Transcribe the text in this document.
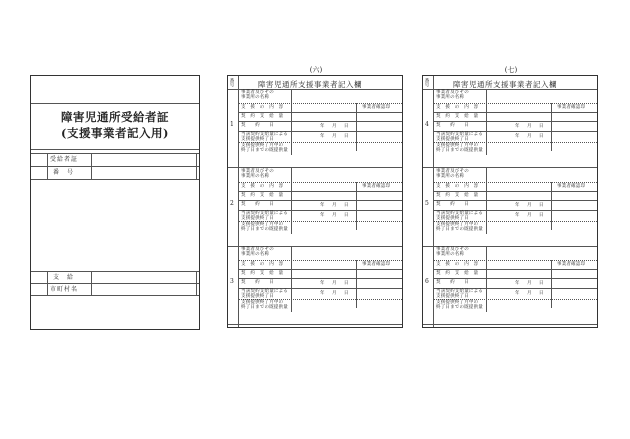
障害児通所受給者証
(支援事業者記入用)
受給者証
番　号
支　給
市町村名
(六)
番号	障害児通所支援事業者記入欄
1
事業者及びその
事業所の名称
支　援　の　内　容	事業者確認印
契　約　支　給　量
契　　約　　日	年 月 日
当該契約支給量による
支援提供終了日
年 月 日
支援提供終了月中の
終了日までの既提供量
2
事業者及びその
事業所の名称
支　援　の　内　容	事業者確認印
契　約　支　給　量
契　　約　　日	年 月 日
当該契約支給量による
支援提供終了日
年 月 日
支援提供終了月中の
終了日までの既提供量
3
事業者及びその
事業所の名称
支　援　の　内　容	事業者確認印
契　約　支　給　量
契　　約　　日	年 月 日
当該契約支給量による
支援提供終了日
年 月 日
支援提供終了月中の
終了日までの既提供量
(七)
番号	障害児通所支援事業者記入欄
4
事業者及びその
事業所の名称
支　援　の　内　容	事業者確認印
契　約　支　給　量
契　　約　　日	年 月 日
当該契約支給量による
支援提供終了日
年 月 日
支援提供終了月中の
終了日までの既提供量
5
事業者及びその
事業所の名称
支　援　の　内　容	事業者確認印
契　約　支　給　量
契　　約　　日	年 月 日
当該契約支給量による
支援提供終了日
年 月 日
支援提供終了月中の
終了日までの既提供量
6
事業者及びその
事業所の名称
支　援　の　内　容	事業者確認印
契　約　支　給　量
契　　約　　日	年 月 日
当該契約支給量による
支援提供終了日
年 月 日
支援提供終了月中の
終了日までの既提供量
